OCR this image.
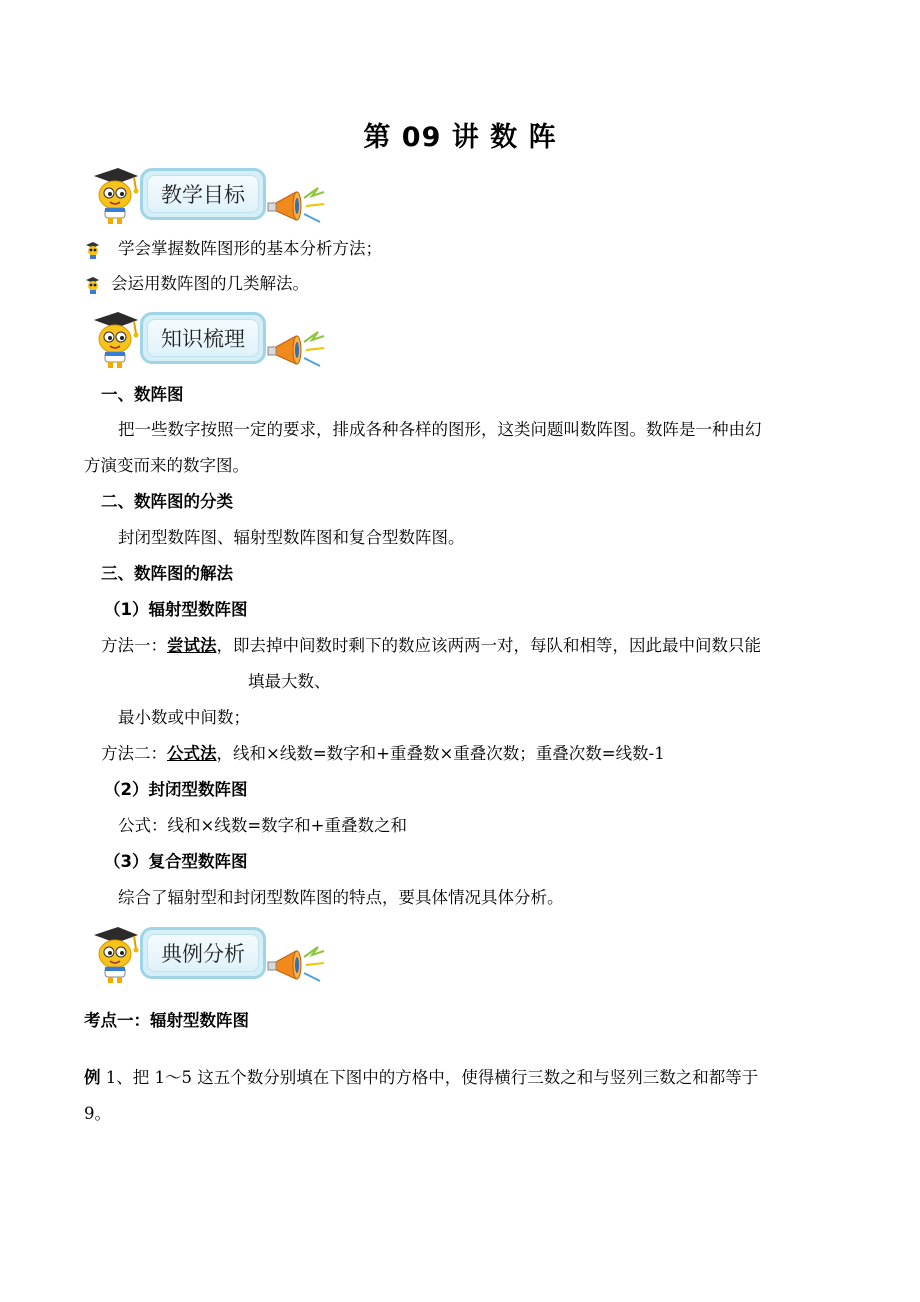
第 09 讲 数 阵
教学目标
学会掌握数阵图形的基本分析方法；
会运用数阵图的几类解法。
知识梳理
一、数阵图
把一些数字按照一定的要求，排成各种各样的图形，这类问题叫数阵图。数阵是一种由幻
方演变而来的数字图。
二、数阵图的分类
封闭型数阵图、辐射型数阵图和复合型数阵图。
三、数阵图的解法
（1）辐射型数阵图
方法一：尝试法，即去掉中间数时剩下的数应该两两一对，每队和相等，因此最中间数只能
填最大数、
最小数或中间数；
方法二：公式法，线和×线数=数字和+重叠数×重叠次数；重叠次数=线数-1
（2）封闭型数阵图
公式：线和×线数=数字和+重叠数之和
（3）复合型数阵图
综合了辐射型和封闭型数阵图的特点，要具体情况具体分析。
典例分析
考点一：辐射型数阵图
例 1、把 1～5 这五个数分别填在下图中的方格中，使得横行三数之和与竖列三数之和都等于
9。
